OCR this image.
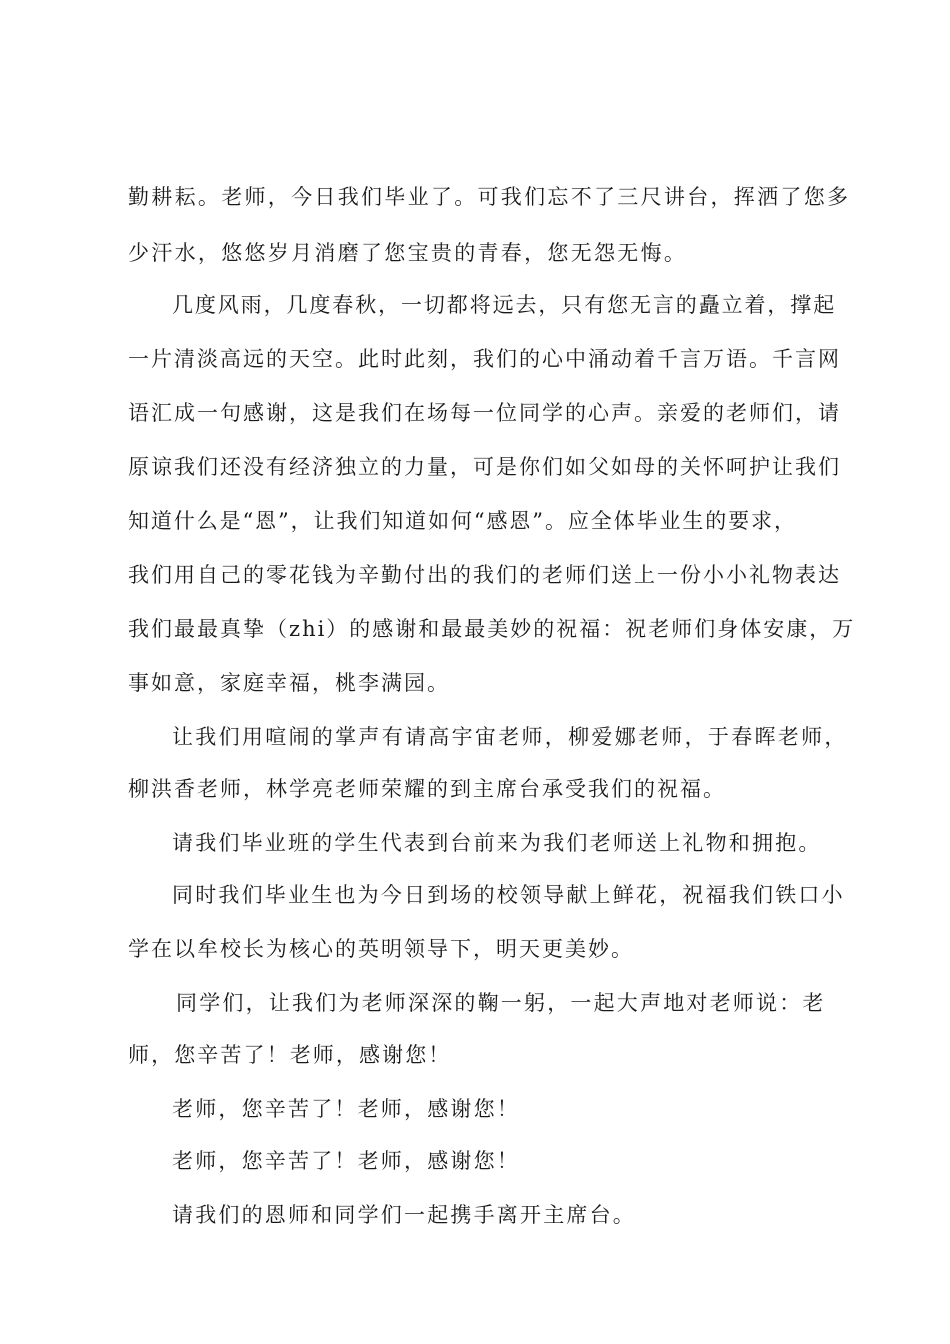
勤耕耘。老师，今日我们毕业了。可我们忘不了三尺讲台，挥洒了您多
少汗水，悠悠岁月消磨了您宝贵的青春，您无怨无悔。
几度风雨，几度春秋，一切都将远去，只有您无言的矗立着，撑起
一片清淡高远的天空。此时此刻，我们的心中涌动着千言万语。千言网
语汇成一句感谢，这是我们在场每一位同学的心声。亲爱的老师们，请
原谅我们还没有经济独立的力量，可是你们如父如母的关怀呵护让我们
知道什么是“恩”，让我们知道如何“感恩”。应全体毕业生的要求，
我们用自己的零花钱为辛勤付出的我们的老师们送上一份小小礼物表达
我们最最真挚（zhi）的感谢和最最美妙的祝福：祝老师们身体安康，万
事如意，家庭幸福，桃李满园。
让我们用喧闹的掌声有请高宇宙老师，柳爱娜老师，于春晖老师，
柳洪香老师，林学亮老师荣耀的到主席台承受我们的祝福。
请我们毕业班的学生代表到台前来为我们老师送上礼物和拥抱。
同时我们毕业生也为今日到场的校领导献上鲜花，祝福我们铁口小
学在以牟校长为核心的英明领导下，明天更美妙。
同学们，让我们为老师深深的鞠一躬，一起大声地对老师说：老
师，您辛苦了！老师，感谢您！
老师，您辛苦了！老师，感谢您！
老师，您辛苦了！老师，感谢您！
请我们的恩师和同学们一起携手离开主席台。
